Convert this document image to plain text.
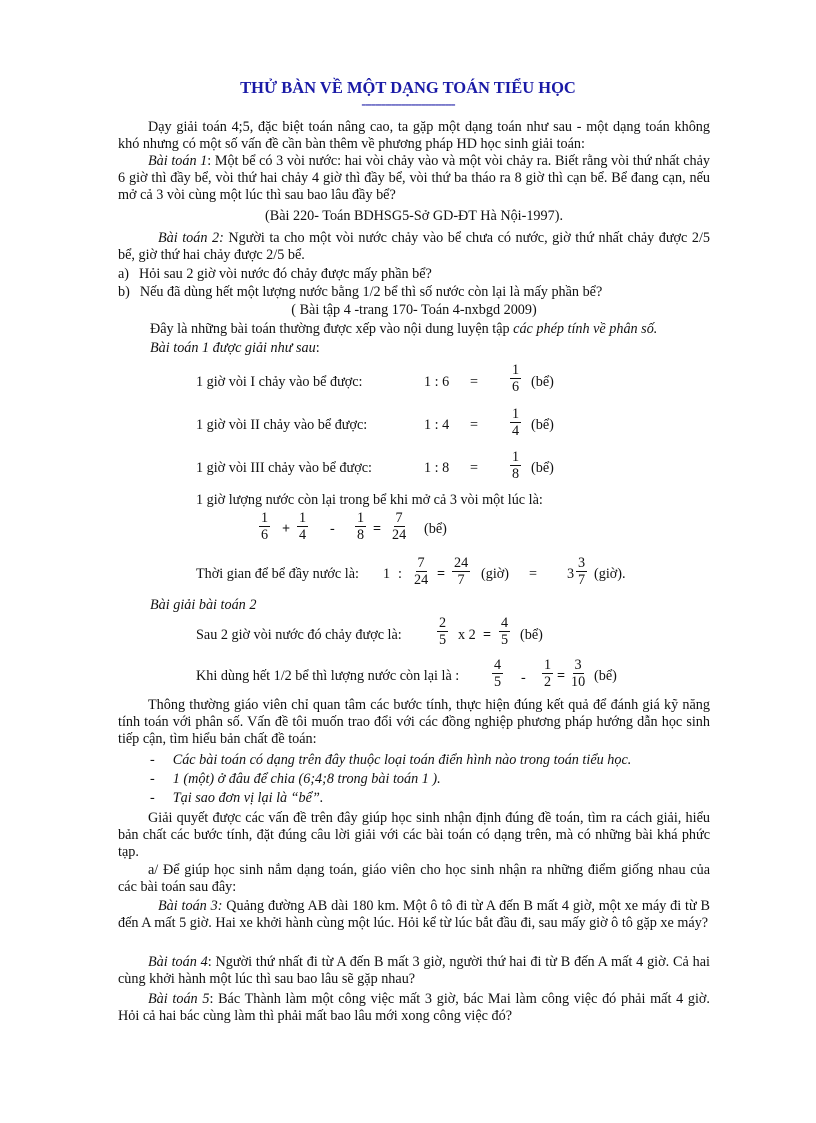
THỬ BÀN VỀ MỘT DẠNG TOÁN TIỂU HỌC
----------------------------
Dạy giải toán 4;5, đặc biệt toán nâng cao, ta gặp một dạng toán như sau - một dạng toán không khó nhưng có một số vấn đề cần bàn thêm về phương pháp HD học sinh giải toán:
Bài toán 1: Một bể có 3 vòi nước: hai vòi chảy vào và một vòi chảy ra. Biết rằng vòi thứ nhất chảy 6 giờ thì đầy bể, vòi thứ hai chảy 4 giờ thì đầy bể, vòi thứ ba tháo ra 8 giờ thì cạn bể. Bể đang cạn, nếu mở cả 3 vòi cùng một lúc thì sau bao lâu đầy bể?
(Bài 220- Toán BDHSG5-Sở GD-ĐT Hà Nội-1997).
Bài toán 2: Người ta cho một vòi nước chảy vào bể chưa có nước, giờ thứ nhất chảy được 2/5 bể, giờ thứ hai chảy được 2/5 bể.
a) Hỏi sau 2 giờ vòi nước đó chảy được mấy phần bể?
b) Nếu đã dùng hết một lượng nước bằng 1/2 bể thì số nước còn lại là mấy phần bể?
( Bài tập 4 -trang 170- Toán 4-nxbgd 2009)
Đây là những bài toán thường được xếp vào nội dung luyện tập các phép tính về phân số.
Bài toán 1 được giải như sau:
1 giờ vòi I chảy vào bể được:	1 : $6 = \frac{1}{6}$ (bể)
1 giờ vòi II chảy vào bể được:	1 : $4 = \frac{1}{4}$ (bể)
1 giờ vòi III chảy vào bể được:	1 : $8 = \frac{1}{8}$ (bể)
1 giờ lượng nước còn lại trong bể khi mở cả 3 vòi một lúc là:
$\frac{1}{6} + \frac{1}{4} - \frac{1}{8} = \frac{7}{24}$ (bể)
Thời gian để bể đầy nước là: 1 : $\frac{7}{24} = \frac{24}{7}$ (giờ) = $3 \frac{3}{7}$ (giờ).
Bài giải bài toán 2
Sau 2 giờ vòi nước đó chảy được là: $\frac{2}{5}$ x $2 = \frac{4}{5}$ (bể)
Khi dùng hết 1/2 bể thì lượng nước còn lại là : $\frac{4}{5} - \frac{1}{2} = \frac{3}{10}$ (bể)
Thông thường giáo viên chỉ quan tâm các bước tính, thực hiện đúng kết quả để đánh giá kỹ năng tính toán với phân số. Vấn đề tôi muốn trao đổi với các đồng nghiệp phương pháp hướng dẫn học sinh tiếp cận, tìm hiểu bản chất đề toán:
- Các bài toán có dạng trên đây thuộc loại toán điển hình nào trong toán tiểu học.
- 1 (một) ở đâu để chia (6;4;8 trong bài toán 1 ).
- Tại sao đơn vị lại là “bể”.
Giải quyết được các vấn đề trên đây giúp học sinh nhận định đúng đề toán, tìm ra cách giải, hiểu bản chất các bước tính, đặt đúng câu lời giải với các bài toán có dạng trên, mà có những bài khá phức tạp.
a/ Để giúp học sinh nắm dạng toán, giáo viên cho học sinh nhận ra những điểm giống nhau của các bài toán sau đây:
Bài toán 3: Quảng đường AB dài 180 km. Một ô tô đi từ A đến B mất 4 giờ, một xe máy đi từ B đến A mất 5 giờ. Hai xe khởi hành cùng một lúc. Hỏi kể từ lúc bắt đầu đi, sau mấy giờ ô tô gặp xe máy?
Bài toán 4: Người thứ nhất đi từ A đến B mất 3 giờ, người thứ hai đi từ B đến A mất 4 giờ. Cả hai cùng khởi hành một lúc thì sau bao lâu sẽ gặp nhau?
Bài toán 5: Bác Thành làm một công việc mất 3 giờ, bác Mai làm công việc đó phải mất 4 giờ. Hỏi cả hai bác cùng làm thì phải mất bao lâu mới xong công việc đó?
